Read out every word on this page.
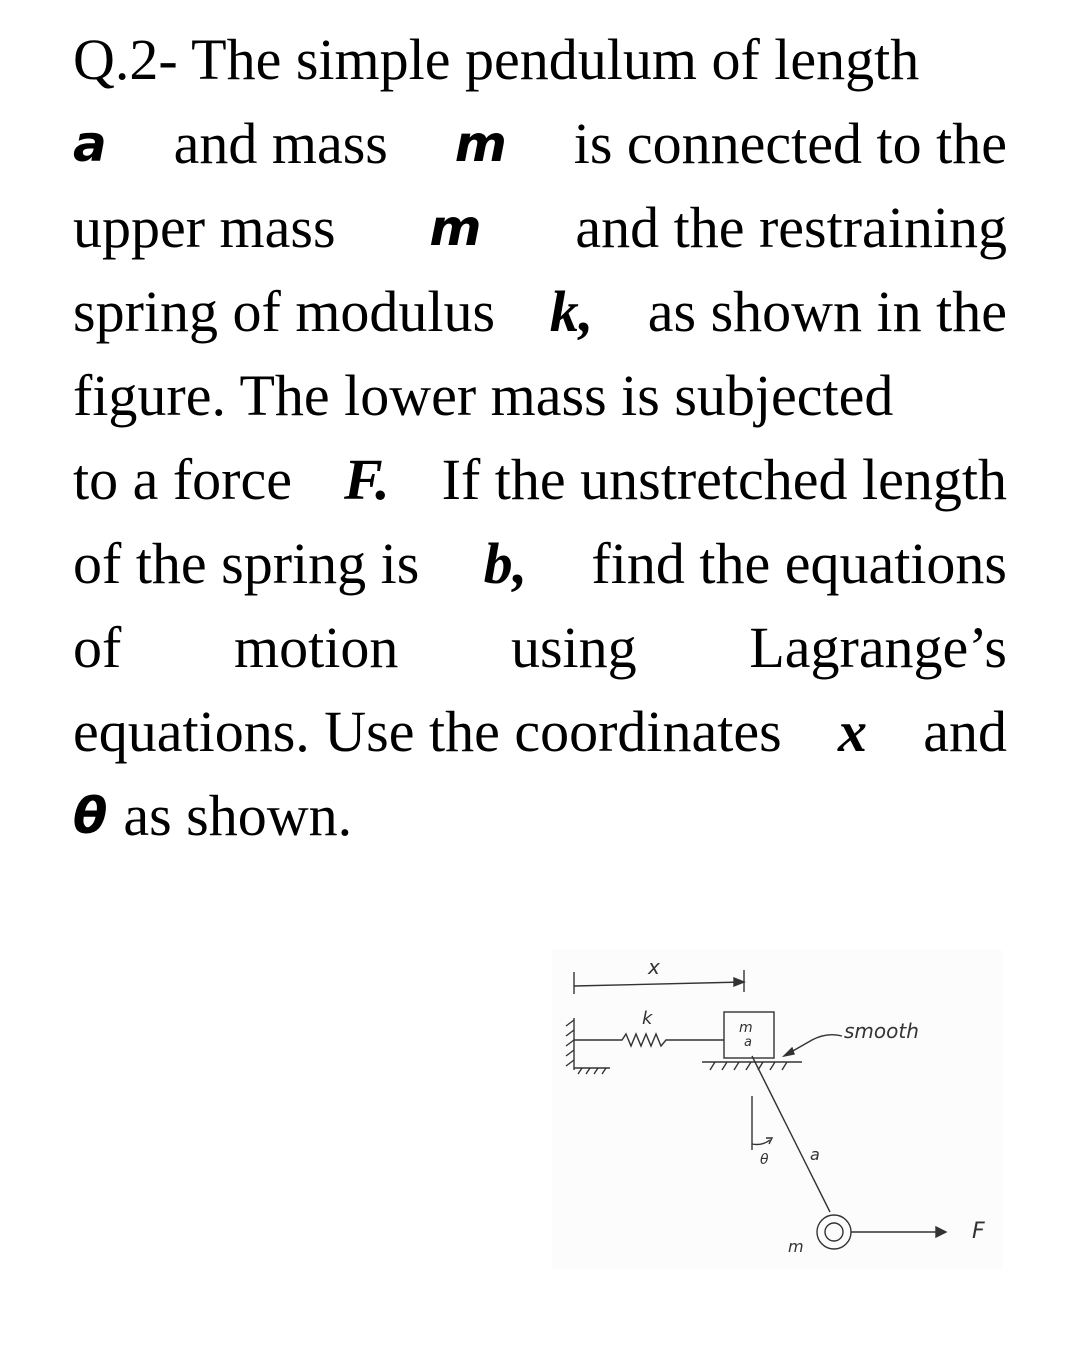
Q.2- The simple pendulum of length
a and mass m is connected to the
upper mass m and the restraining
spring of modulus k, as shown in the
figure. The lower mass is subjected
to a force F. If the unstretched length
of the spring is b, find the equations
of motion using Lagrange’s
equations. Use the coordinates x and
θ as shown.
x
k	m
a	smooth
θ	a
m
F
